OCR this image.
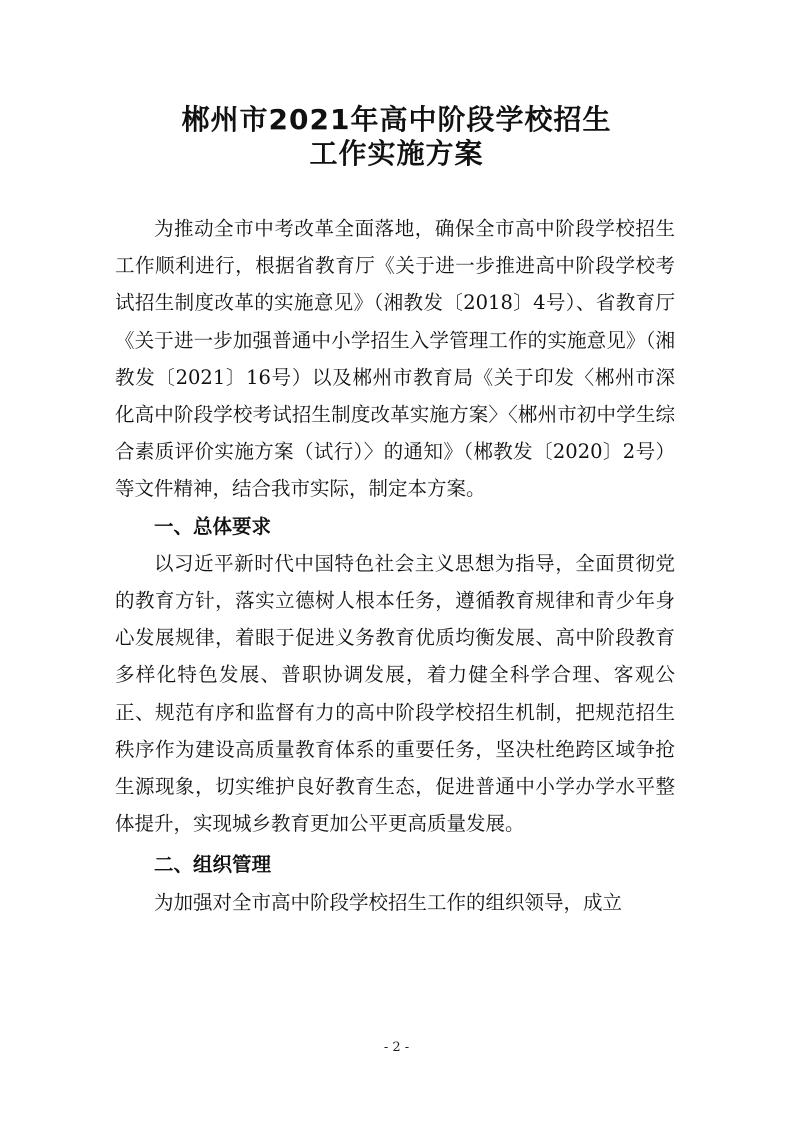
郴州市2021年高中阶段学校招生
工作实施方案

为推动全市中考改革全面落地，确保全市高中阶段学校招生工作顺利进行，根据省教育厅《关于进一步推进高中阶段学校考试招生制度改革的实施意见》（湘教发〔2018〕4号）、省教育厅《关于进一步加强普通中小学招生入学管理工作的实施意见》（湘教发〔2021〕16号）以及郴州市教育局《关于印发〈郴州市深化高中阶段学校考试招生制度改革实施方案〉〈郴州市初中学生综合素质评价实施方案（试行）〉的通知》（郴教发〔2020〕2号）等文件精神，结合我市实际，制定本方案。

一、总体要求

以习近平新时代中国特色社会主义思想为指导，全面贯彻党的教育方针，落实立德树人根本任务，遵循教育规律和青少年身心发展规律，着眼于促进义务教育优质均衡发展、高中阶段教育多样化特色发展、普职协调发展，着力健全科学合理、客观公正、规范有序和监督有力的高中阶段学校招生机制，把规范招生秩序作为建设高质量教育体系的重要任务，坚决杜绝跨区域争抢生源现象，切实维护良好教育生态，促进普通中小学办学水平整体提升，实现城乡教育更加公平更高质量发展。

二、组织管理

为加强对全市高中阶段学校招生工作的组织领导，成立

- 2 -
